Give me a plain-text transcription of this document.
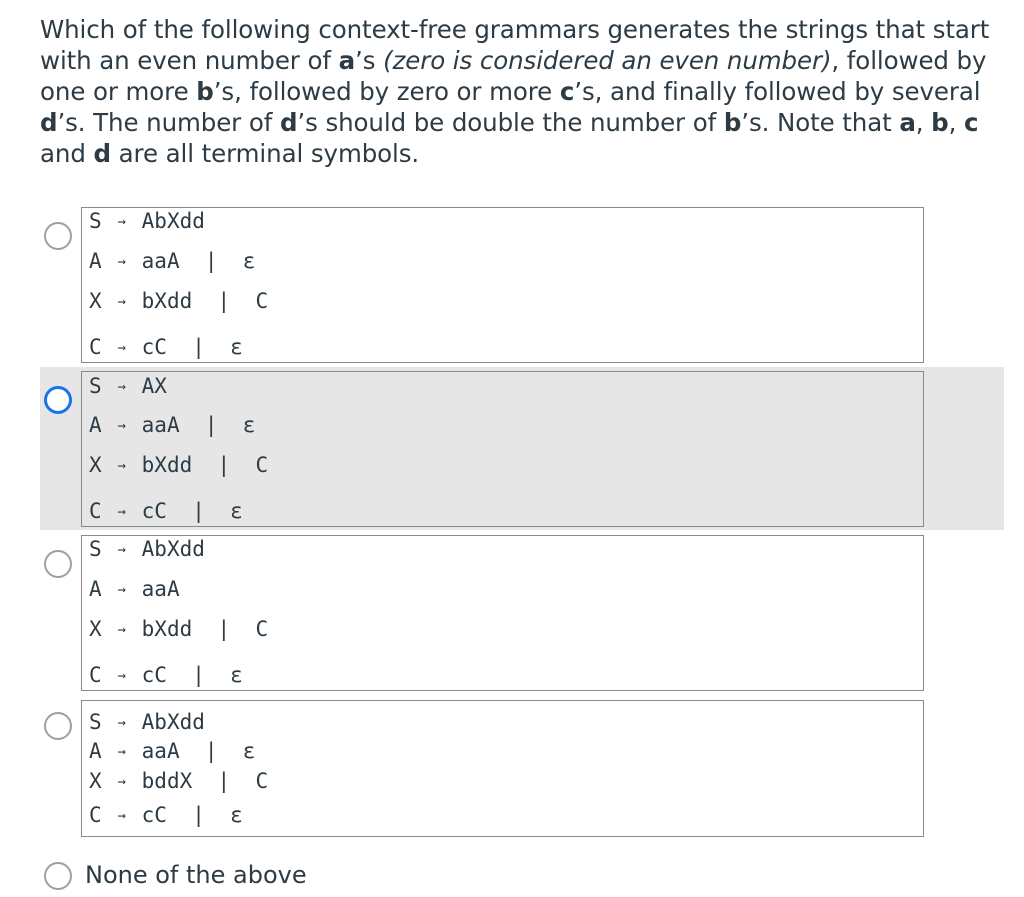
Which of the following context-free grammars generates the strings that start with an even number of a’s (zero is considered an even number), followed by one or more b’s, followed by zero or more c’s, and finally followed by several d’s. The number of d’s should be double the number of b’s. Note that a, b, c and d are all terminal symbols.
S → AbXdd
A → aaA  |  ε
X → bXdd  |  C
C → cC  |  ε
S → AX
A → aaA  |  ε
X → bXdd  |  C
C → cC  |  ε
S → AbXdd
A → aaA
X → bXdd  |  C
C → cC  |  ε
S → AbXdd
A → aaA  |  ε
X → bddX  |  C
C → cC  |  ε
None of the above
